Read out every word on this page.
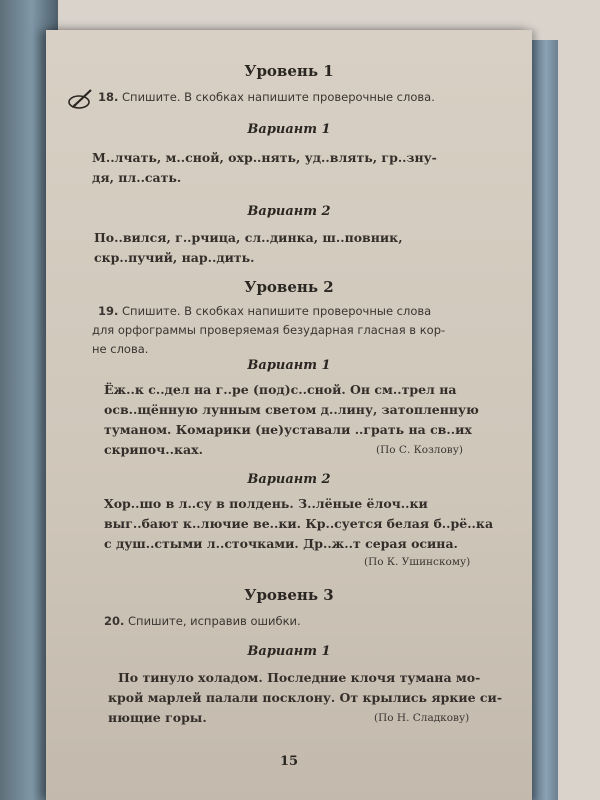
Уровень 1
18. Спишите. В скобках напишите проверочные слова.
Вариант 1
М..лчать, м..сной, охр..нять, уд..влять, гр..зну-
дя, пл..сать.
Вариант 2
По..вился, г..рчица, сл..динка, ш..повник,
скр..пучий, нар..дить.
Уровень 2
19. Спишите. В скобках напишите проверочные слова
для орфограммы проверяемая безударная гласная в кор-
не слова.
Вариант 1
Ёж..к с..дел на г..ре (под)с..сной. Он см..трел на
осв..щённую лунным светом д..лину, затопленную
туманом. Комарики (не)уставали ..грать на св..их
скрипоч..ках.	(По С. Козлову)
Вариант 2
Хор..шо в л..су в полдень. З..лёные ёлоч..ки
выг..бают к..лючие ве..ки. Кр..суется белая б..рё..ка
с душ..стыми л..сточками. Др..ж..т серая осина.
(По К. Ушинскому)
Уровень 3
20. Спишите, исправив ошибки.
Вариант 1
По тинуло холадом. Последние клочя тумана мо-
крой марлей палали посклону. От крылись яркие си-
нющие горы.	(По Н. Сладкову)
15
